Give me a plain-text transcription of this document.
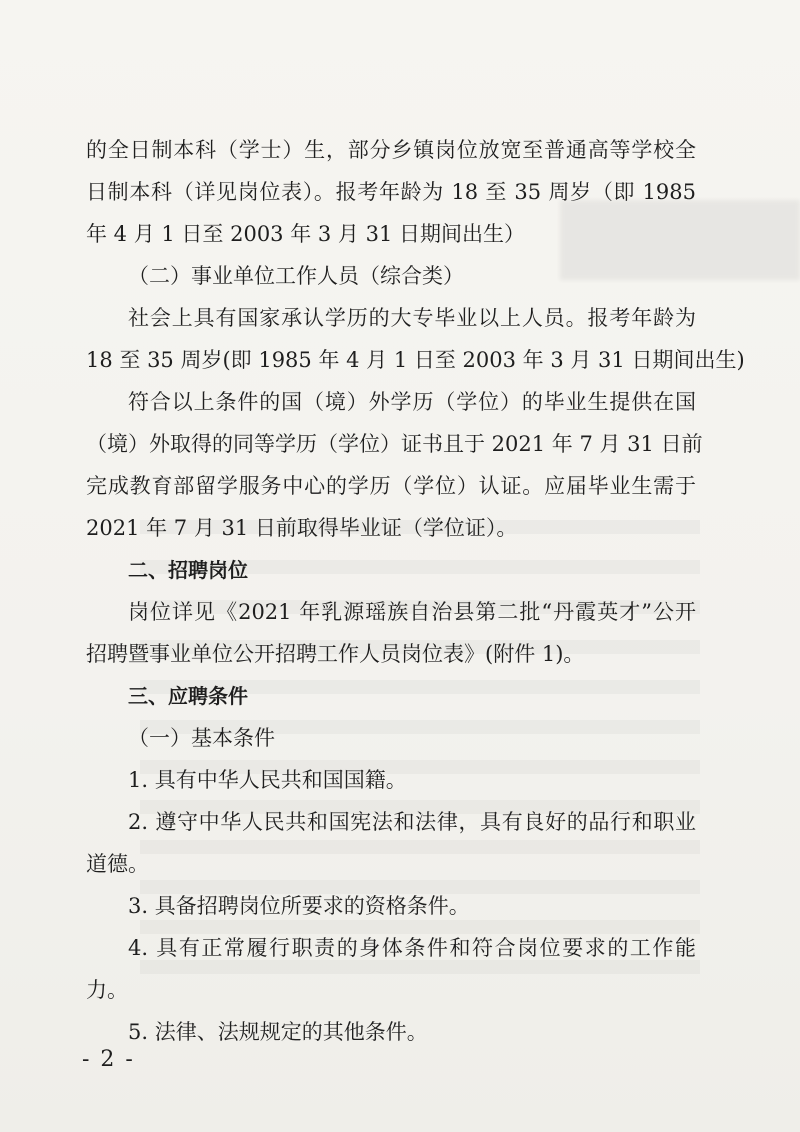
的全日制本科（学士）生，部分乡镇岗位放宽至普通高等学校全
日制本科（详见岗位表）。报考年龄为 18 至 35 周岁（即 1985
年 4 月 1 日至 2003 年 3 月 31 日期间出生）
（二）事业单位工作人员（综合类）
社会上具有国家承认学历的大专毕业以上人员。报考年龄为
18 至 35 周岁(即 1985 年 4 月 1 日至 2003 年 3 月 31 日期间出生)
符合以上条件的国（境）外学历（学位）的毕业生提供在国
（境）外取得的同等学历（学位）证书且于 2021 年 7 月 31 日前
完成教育部留学服务中心的学历（学位）认证。应届毕业生需于
2021 年 7 月 31 日前取得毕业证（学位证）。
二、招聘岗位
岗位详见《2021 年乳源瑶族自治县第二批“丹霞英才”公开
招聘暨事业单位公开招聘工作人员岗位表》(附件 1)。
三、应聘条件
（一）基本条件
1. 具有中华人民共和国国籍。
2. 遵守中华人民共和国宪法和法律，具有良好的品行和职业
道德。
3. 具备招聘岗位所要求的资格条件。
4. 具有正常履行职责的身体条件和符合岗位要求的工作能
力。
5. 法律、法规规定的其他条件。
- 2 -
